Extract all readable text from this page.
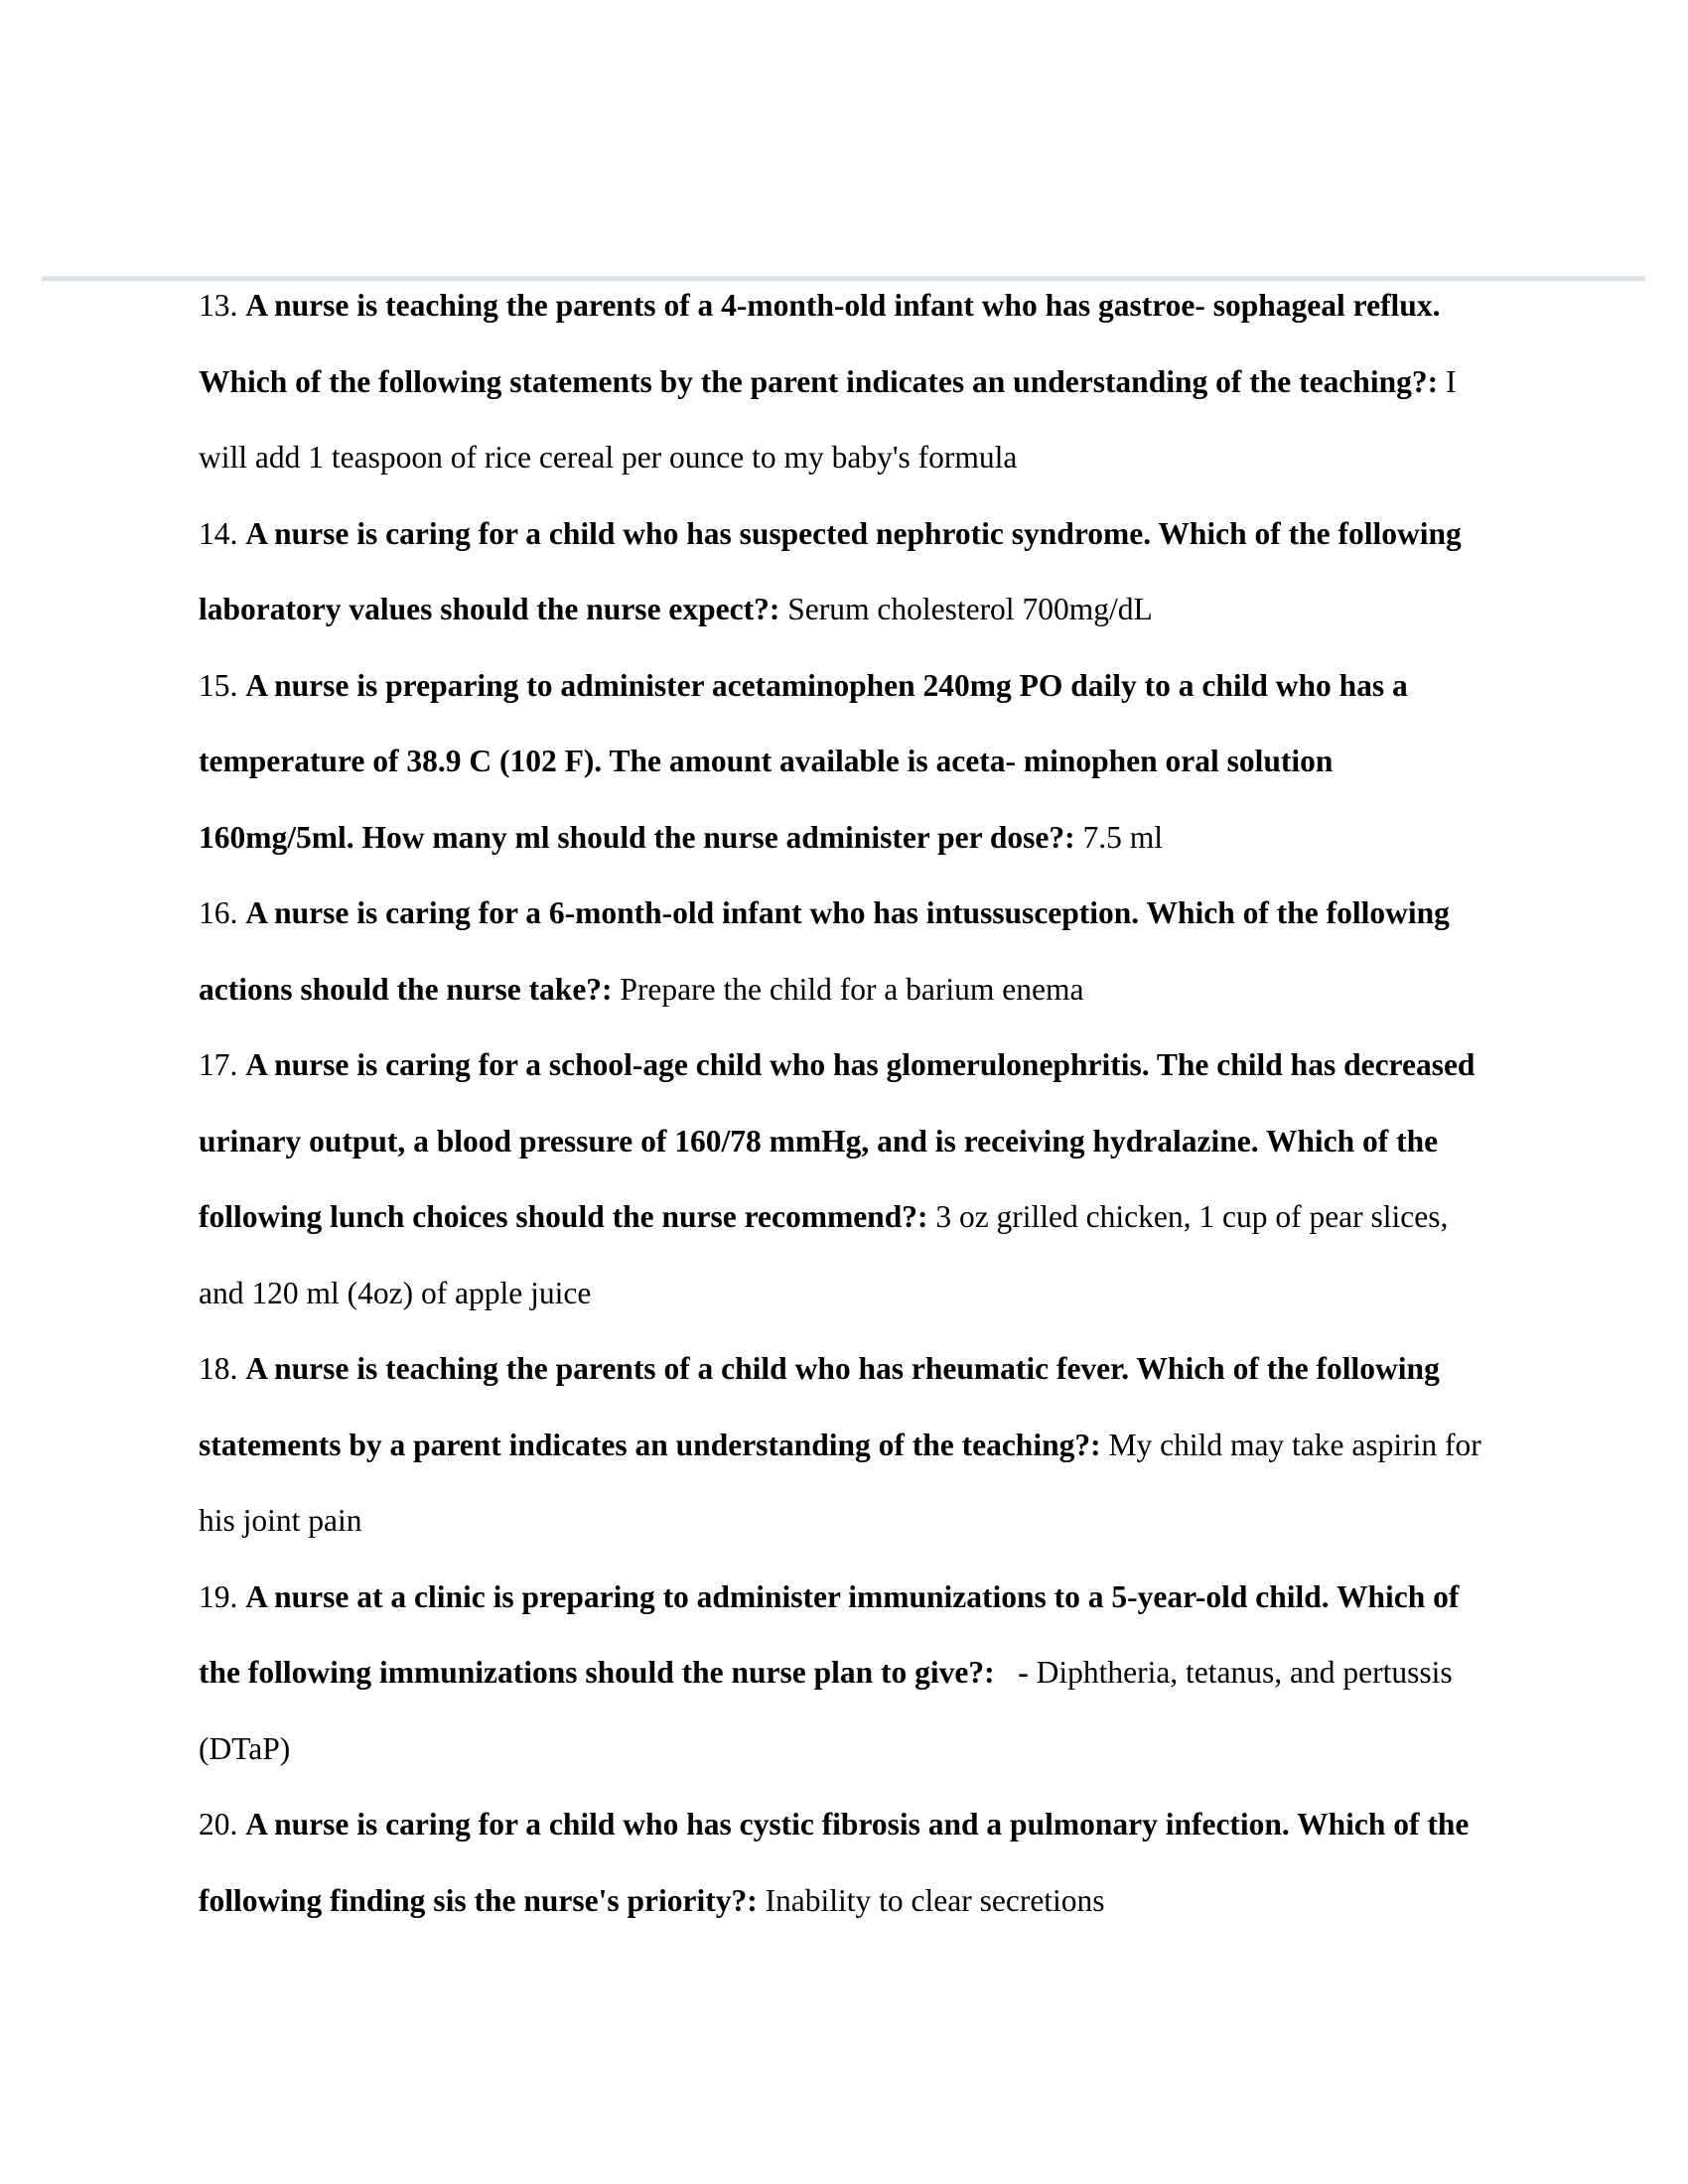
13. A nurse is teaching the parents of a 4-month-old infant who has gastroe- sophageal reflux. Which of the following statements by the parent indicates an understanding of the teaching?: I will add 1 teaspoon of rice cereal per ounce to my baby's formula

14. A nurse is caring for a child who has suspected nephrotic syndrome. Which of the following laboratory values should the nurse expect?: Serum cholesterol 700mg/dL

15. A nurse is preparing to administer acetaminophen 240mg PO daily to a child who has a temperature of 38.9 C (102 F). The amount available is aceta- minophen oral solution 160mg/5ml. How many ml should the nurse administer per dose?: 7.5 ml

16. A nurse is caring for a 6-month-old infant who has intussusception. Which of the following actions should the nurse take?: Prepare the child for a barium enema

17. A nurse is caring for a school-age child who has glomerulonephritis. The child has decreased urinary output, a blood pressure of 160/78 mmHg, and is receiving hydralazine. Which of the following lunch choices should the nurse recommend?: 3 oz grilled chicken, 1 cup of pear slices, and 120 ml (4oz) of apple juice

18. A nurse is teaching the parents of a child who has rheumatic fever. Which of the following statements by a parent indicates an understanding of the teaching?: My child may take aspirin for his joint pain

19. A nurse at a clinic is preparing to administer immunizations to a 5-year-old child. Which of the following immunizations should the nurse plan to give?: - Diphtheria, tetanus, and pertussis (DTaP)

20. A nurse is caring for a child who has cystic fibrosis and a pulmonary infection. Which of the following finding sis the nurse's priority?: Inability to clear secretions
